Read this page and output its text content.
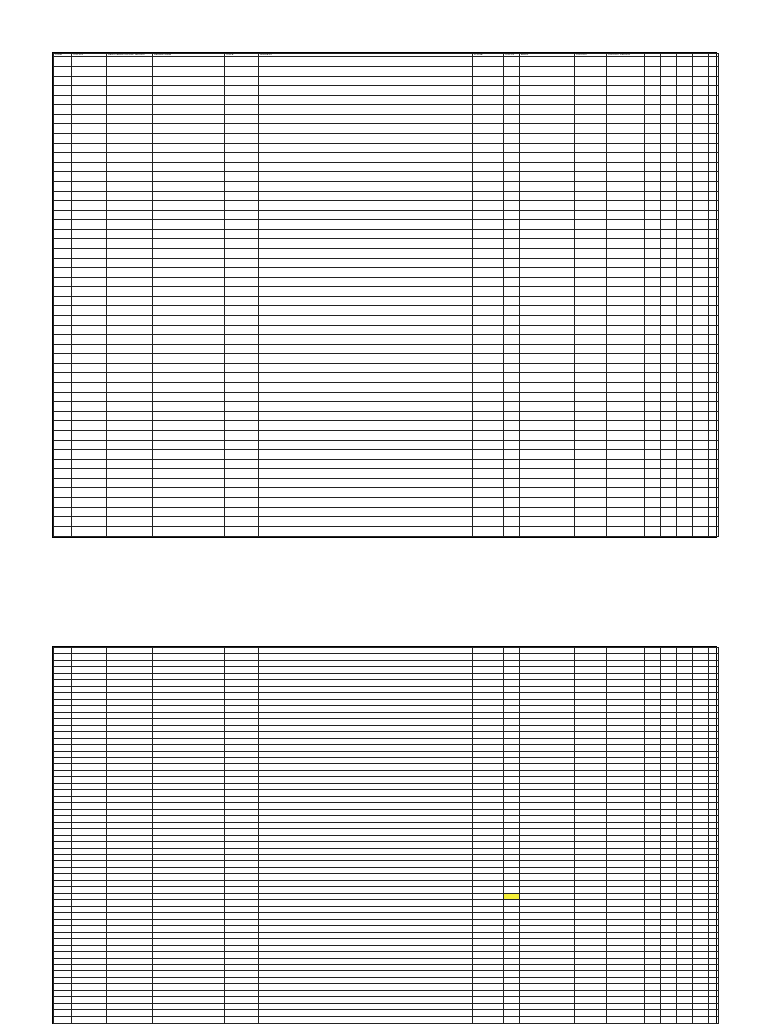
CODE	STATION	REGISTERED OFFICE / BRANCH	DEALER NAME	STATE	ADDRESS	PHONE	STATUS	EMAIL	CONTACT	CONTACT PERSON					
